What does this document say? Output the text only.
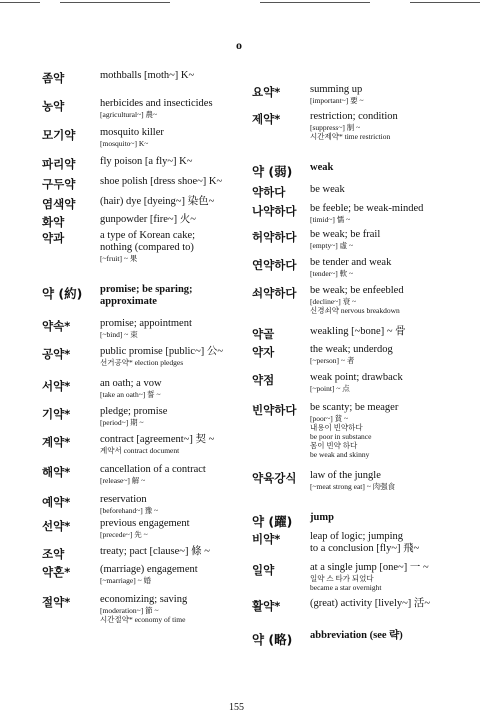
o
좀약	mothballs [moth~] K~
농약	herbicides and insecticides
[agricultural~] 農~
모기약 mosquito killer
[mosquito~] K~
파리약 fly poison [a fly~] K~
구두약 shoe polish [dress shoe~] K~
염색약 (hair) dye [dyeing~] 染色~
화약	gunpowder [fire~] 火~
약과	a type of Korean cake;
nothing (compared to)
[~fruit] ~ 果
약 (約) promise; be sparing;
approximate
약속*	promise; appointment
[~bind] ~ 束
공약*	public promise [public~] 公~
선거공약* election pledges
서약*	an oath; a vow
[take an oath~] 誓 ~
기약*	pledge; promise
[period~] 期 ~
계약*	contract [agreement~] 契 ~
계약서 contract document
해약*	cancellation of a contract
[release~] 解 ~
예약*	reservation
[beforehand~] 豫 ~
선약*	previous engagement
[precede~] 先 ~
조약	treaty; pact [clause~] 條 ~
약혼*	(marriage) engagement
[~marriage] ~ 婚
절약*	economizing; saving
[moderation~] 節 ~
시간절약* economy of time
요약*	summing up
[important~] 要 ~
제약*	restriction; condition
[suppress~] 制 ~
시간제약* time restriction
약 (弱) weak
약하다 be weak
나약하다 be feeble; be weak-minded
[timid~] 懦 ~
허약하다 be weak; be frail
[empty~] 虛 ~
연약하다 be tender and weak
[tender~] 軟 ~
쇠약하다 be weak; be enfeebled
[decline~] 衰 ~
신경쇠약 nervous breakdown
약골	weakling [~bone] ~ 骨
약자	the weak; underdog
[~person] ~ 者
약점	weak point; drawback
[~point] ~ 点
빈약하다 be scanty; be meager
[poor~] 貧 ~
내용이 빈약하다
be poor in substance
몸이 빈약 하다
be weak and skinny
약육강식 law of the jungle
[~meat strong eat] ~ 肉强食
약 (躍) jump
비약*	leap of logic; jumping
to a conclusion [fly~] 飛~
일약	at a single jump [one~] 一 ~
일약 스 타가 되었다
became a star overnight
활약*	(great) activity [lively~] 活~
약 (略) abbreviation (see 략)
155
